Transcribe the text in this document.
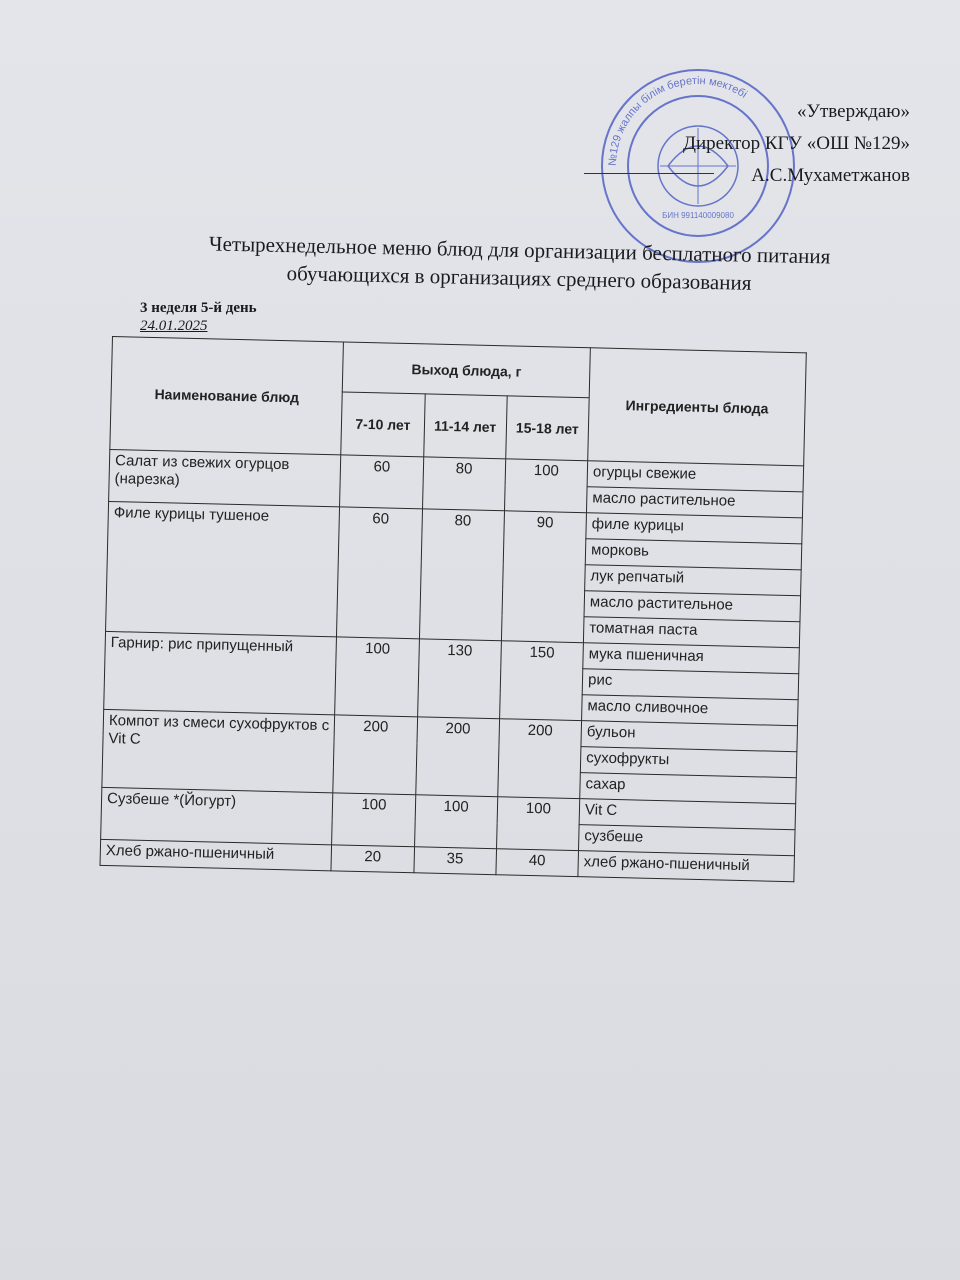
№129 жалпы білім беретін мектебі
БИН 991140009080
«Утверждаю»
Директор КГУ «ОШ №129»
А.С.Мухаметжанов
Четырехнедельное меню блюд для организации бесплатного питания
обучающихся в организациях среднего образования
3 неделя 5-й день
24.01.2025
Наименование блюд	Выход блюда, г			Ингредиенты блюда
	7-10 лет	11-14 лет	15-18 лет	
Салат из свежих огурцов (нарезка)	60	80	100	огурцы свежие
				масло растительное
Филе курицы тушеное	60	80	90	филе курицы
				морковь
				лук репчатый
				масло растительное
				томатная паста
Гарнир: рис припущенный	100	130	150	мука пшеничная
				рис
				масло сливочное
Компот из смеси сухофруктов с Vit C	200	200	200	бульон
				сухофрукты
				сахар
Сузбеше *(Йогурт)	100	100	100	Vit C
				сузбеше
Хлеб ржано-пшеничный	20	35	40	хлеб ржано-пшеничный
